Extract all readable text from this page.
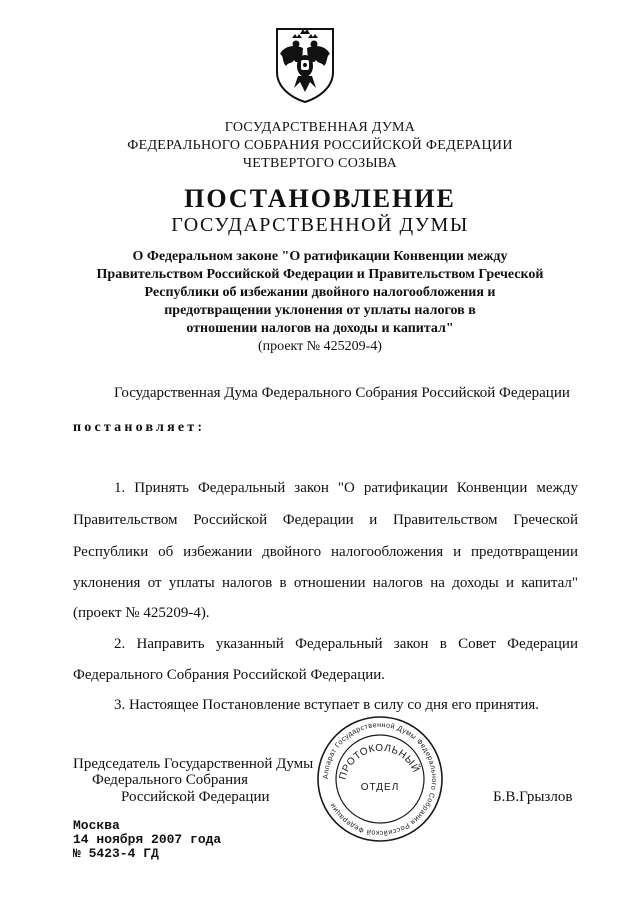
ГОСУДАРСТВЕННАЯ ДУМА
ФЕДЕРАЛЬНОГО СОБРАНИЯ РОССИЙСКОЙ ФЕДЕРАЦИИ
ЧЕТВЕРТОГО СОЗЫВА
ПОСТАНОВЛЕНИЕ
ГОСУДАРСТВЕННОЙ ДУМЫ
О Федеральном законе "О ратификации Конвенции между
Правительством Российской Федерации и Правительством Греческой
Республики об избежании двойного налогообложения и
предотвращении уклонения от уплаты налогов в
отношении налогов на доходы и капитал"
(проект № 425209-4)
Государственная Дума Федерального Собрания Российской Федерации
постановляет:
1. Принять Федеральный закон "О ратификации Конвенции между
Правительством Российской Федерации и Правительством Греческой
Республики об избежании двойного налогообложения и предотвращении
уклонения от уплаты налогов в отношении налогов на доходы и капитал"
(проект № 425209-4).
2. Направить указанный Федеральный закон в Совет Федерации
Федерального Собрания Российской Федерации.
3. Настоящее Постановление вступает в силу со дня его принятия.
Председатель Государственной Думы
Федерального Собрания
Российской Федерации	Б.В.Грызлов
Аппарат Государственной Думы Федерального Собрания Российской Федерации
ПРОТОКОЛЬНЫЙ
ОТДЕЛ
Москва
14 ноября 2007 года
№ 5423-4 ГД
